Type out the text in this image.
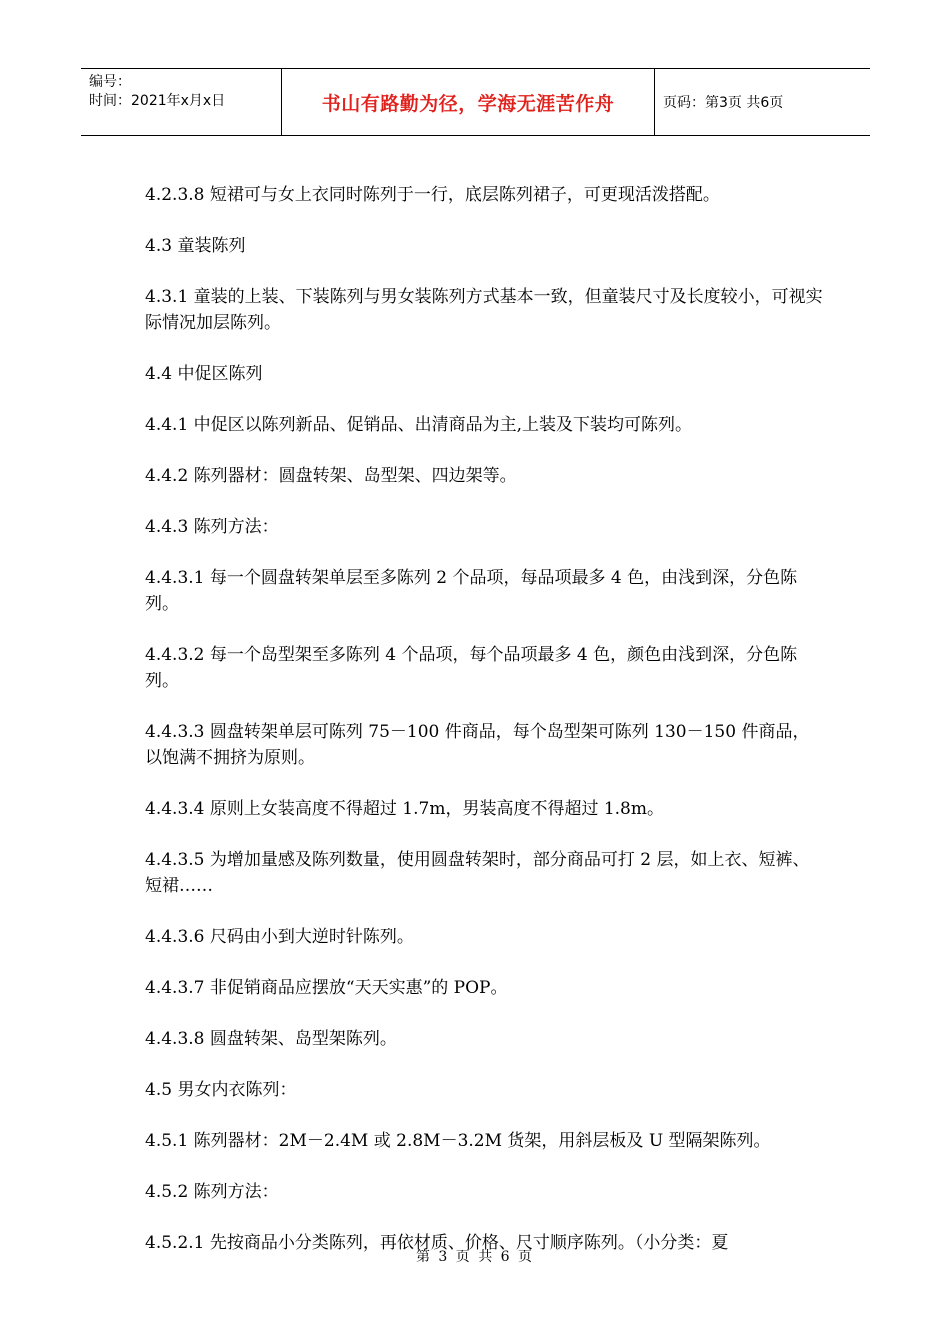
编号：
时间：2021年x月x日	书山有路勤为径，学海无涯苦作舟	页码：第3页 共6页

4.2.3.8 短裙可与女上衣同时陈列于一行，底层陈列裙子，可更现活泼搭配。

4.3 童装陈列

4.3.1 童装的上装、下装陈列与男女装陈列方式基本一致，但童装尺寸及长度较小，可视实际情况加层陈列。

4.4 中促区陈列

4.4.1 中促区以陈列新品、促销品、出清商品为主,上装及下装均可陈列。

4.4.2 陈列器材：圆盘转架、岛型架、四边架等。

4.4.3 陈列方法：

4.4.3.1 每一个圆盘转架单层至多陈列 2 个品项，每品项最多 4 色，由浅到深，分色陈列。

4.4.3.2 每一个岛型架至多陈列 4 个品项，每个品项最多 4 色，颜色由浅到深，分色陈列。

4.4.3.3 圆盘转架单层可陈列 75－100 件商品，每个岛型架可陈列 130－150 件商品，以饱满不拥挤为原则。

4.4.3.4 原则上女装高度不得超过 1.7m，男装高度不得超过 1.8m。

4.4.3.5 为增加量感及陈列数量，使用圆盘转架时，部分商品可打 2 层，如上衣、短裤、短裙……

4.4.3.6 尺码由小到大逆时针陈列。

4.4.3.7 非促销商品应摆放“天天实惠”的 POP。

4.4.3.8 圆盘转架、岛型架陈列。

4.5 男女内衣陈列：

4.5.1 陈列器材：2M－2.4M 或 2.8M－3.2M 货架，用斜层板及 U 型隔架陈列。

4.5.2 陈列方法：

4.5.2.1 先按商品小分类陈列，再依材质、价格、尺寸顺序陈列。（小分类：夏

第 3 页 共 6 页
